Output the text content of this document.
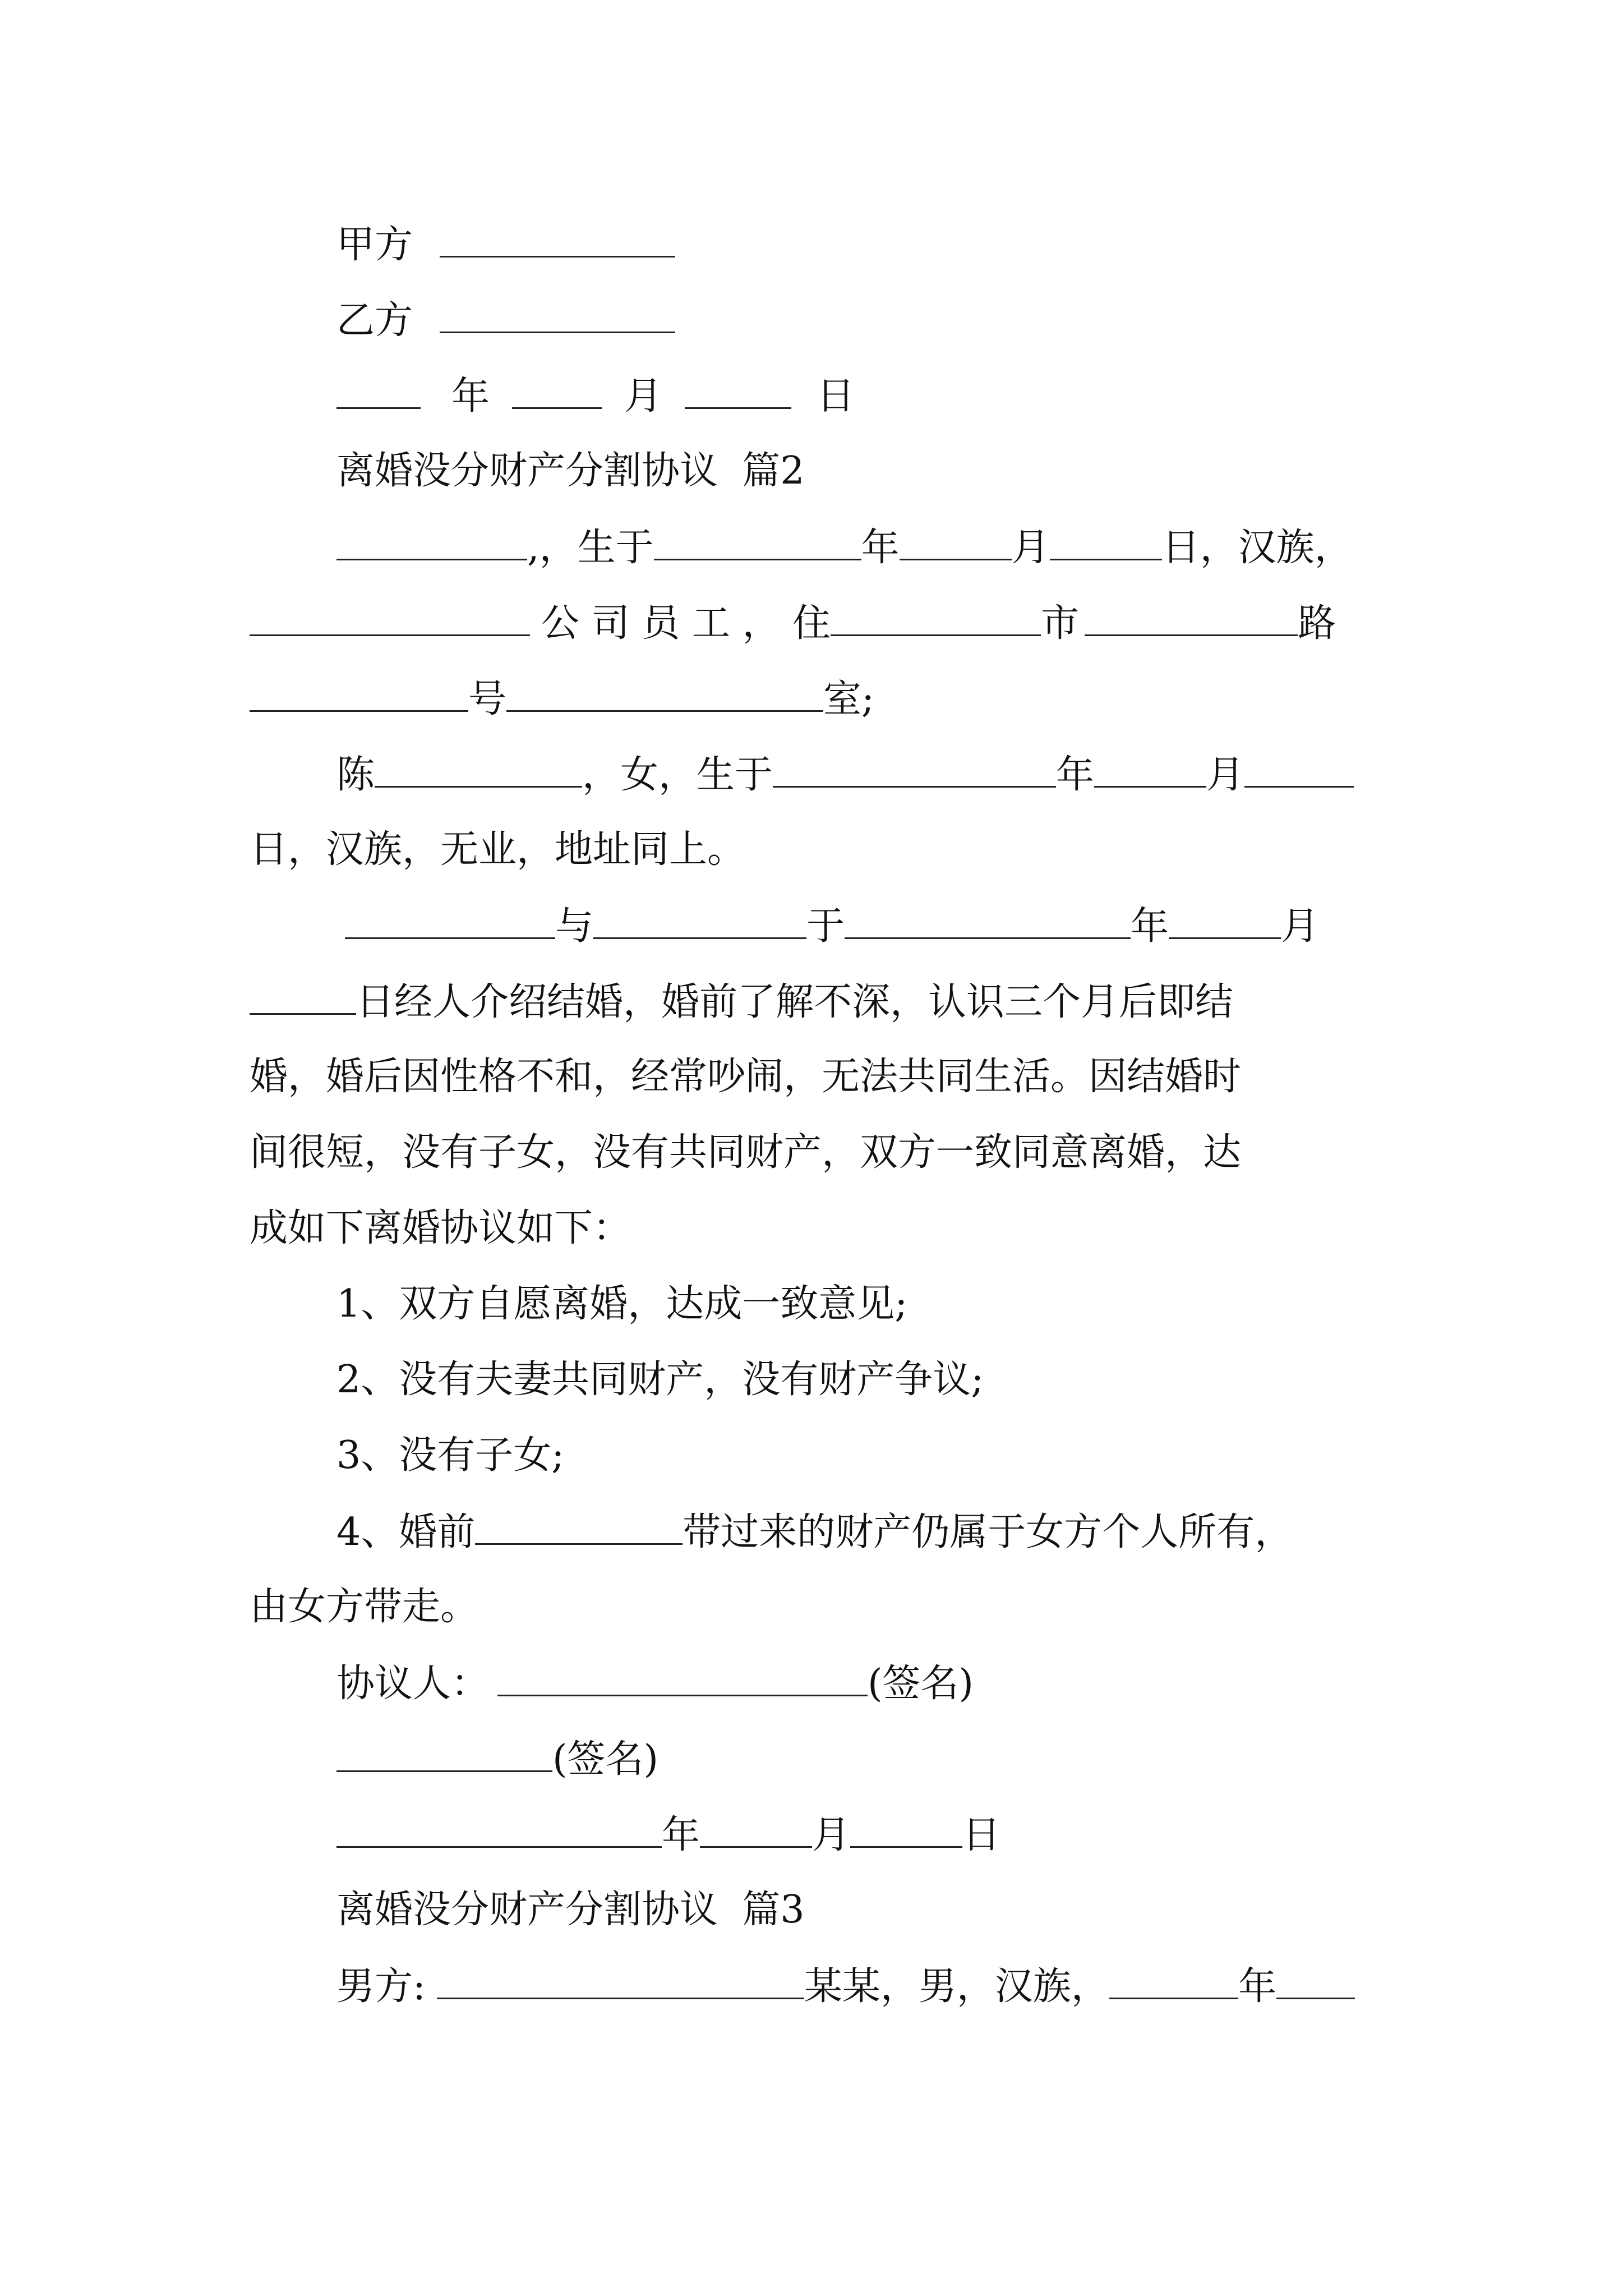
甲方
乙方
年	月	日
离婚没分财产分割协议  篇2
,，生于	年	月	日，汉族，
公 司 员 工 ， 住	市	路
号	室;
陈	，女，生于	年	月
日，汉族，无业，地址同上。
与	于	年	月
日经人介绍结婚，婚前了解不深，认识三个月后即结
婚，婚后因性格不和，经常吵闹，无法共同生活。因结婚时
间很短，没有子女，没有共同财产，双方一致同意离婚，达
成如下离婚协议如下：
1、双方自愿离婚，达成一致意见;
2、没有夫妻共同财产，没有财产争议;
3、没有子女;
4、婚前	带过来的财产仍属于女方个人所有，
由女方带走。
协议人：	(签名)
(签名)
年	月	日
离婚没分财产分割协议  篇3
男方:	某某，男，汉族，	年
